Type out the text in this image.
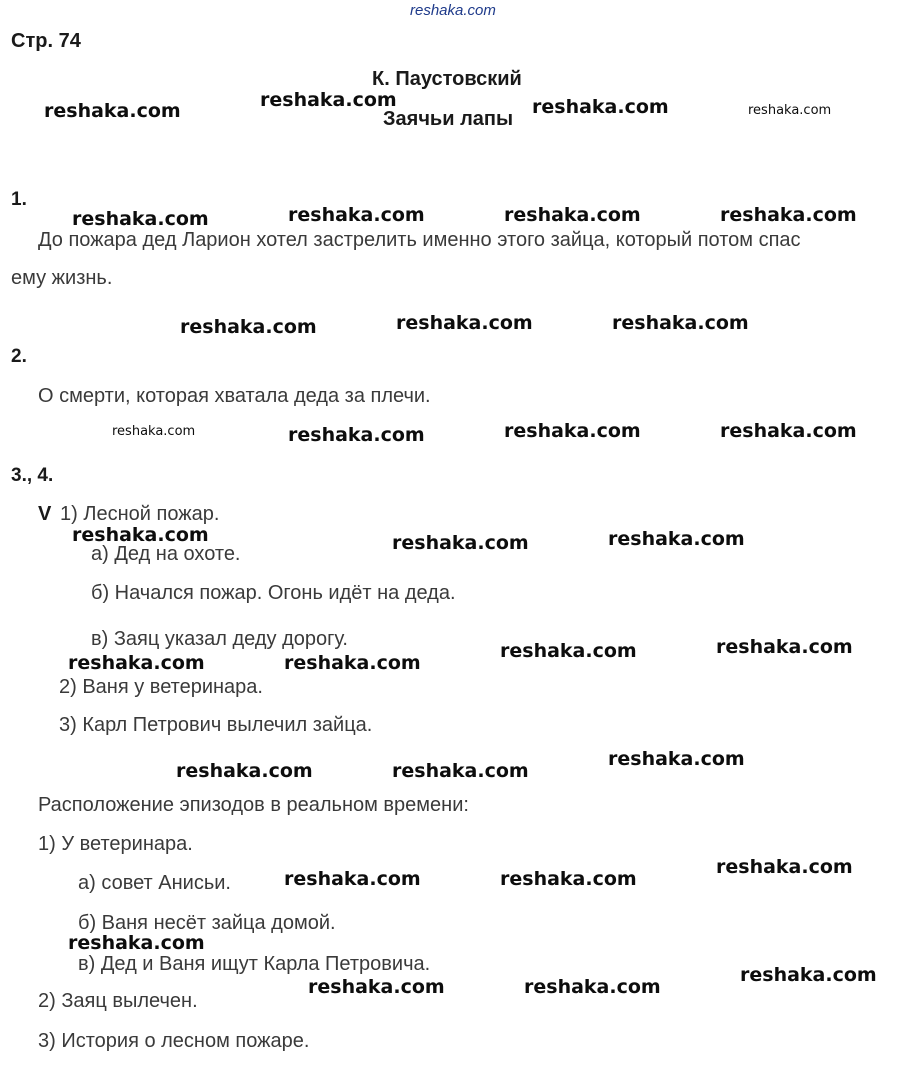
reshaka.com
Стр. 74
К. Паустовский
Заячьи лапы
reshaka.com	reshaka.com	reshaka.com	reshaka.com
1.
reshaka.com	reshaka.com	reshaka.com	reshaka.com
До пожара дед Ларион хотел застрелить именно этого зайца, который потом спас
ему жизнь.
reshaka.com	reshaka.com	reshaka.com
2.
О смерти, которая хватала деда за плечи.
reshaka.com	reshaka.com	reshaka.com	reshaka.com
3., 4.
V 1) Лесной пожар.
reshaka.com
а) Дед на охоте.	reshaka.com	reshaka.com
б) Начался пожар. Огонь идёт на деда.
в) Заяц указал деду дорогу.
reshaka.com	reshaka.com
reshaka.com	reshaka.com
2) Ваня у ветеринара.
3) Карл Петрович вылечил зайца.
reshaka.com	reshaka.com
reshaka.com
Расположение эпизодов в реальном времени:
1) У ветеринара.
reshaka.com
а) совет Анисьи.	reshaka.com	reshaka.com
б) Ваня несёт зайца домой.
reshaka.com
в) Дед и Ваня ищут Карла Петровича.	reshaka.com
reshaka.com	reshaka.com
2) Заяц вылечен.
3) История о лесном пожаре.
